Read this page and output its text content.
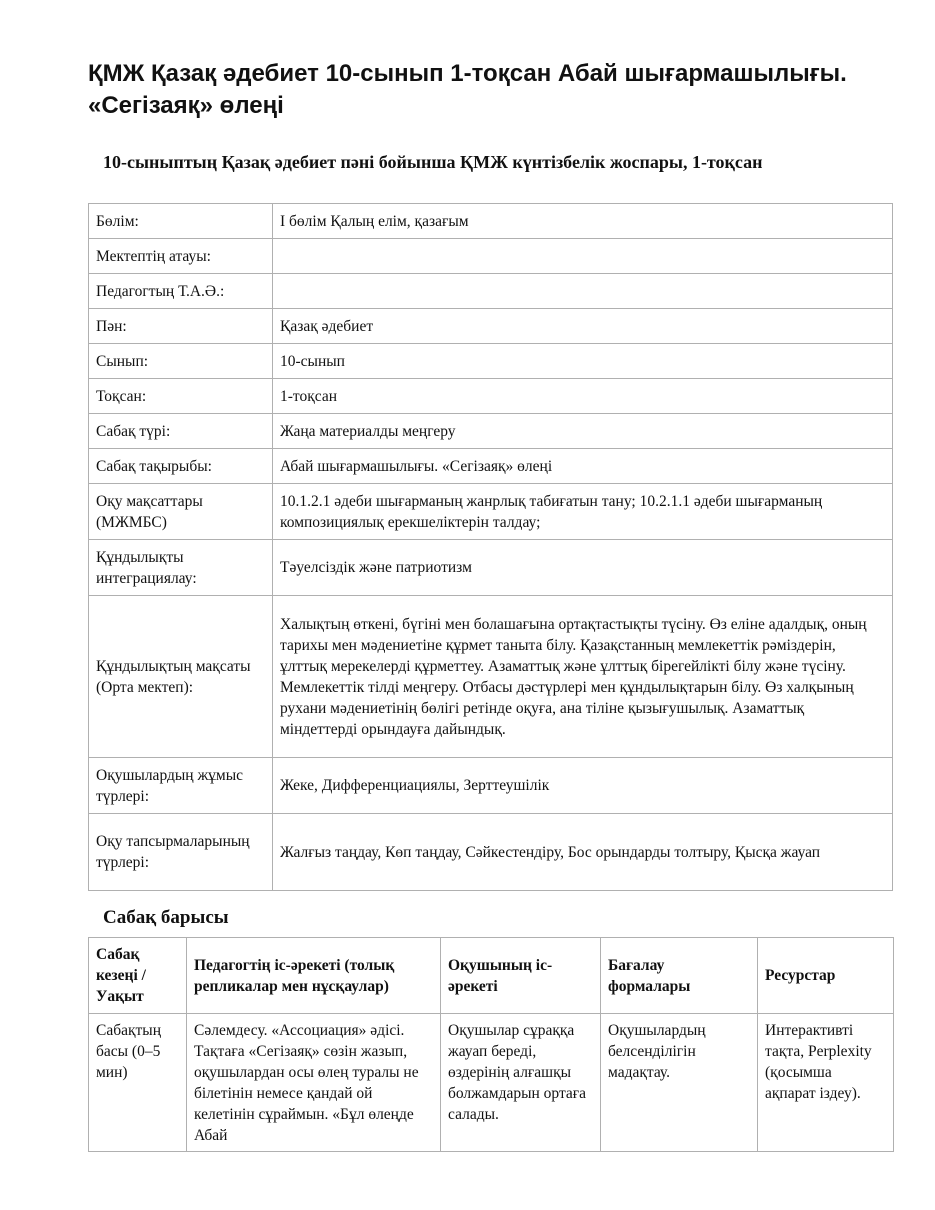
ҚМЖ Қазақ әдебиет 10-сынып 1-тоқсан Абай шығармашылығы. «Сегізаяқ» өлеңі
10-сыныптың Қазақ әдебиет пәні бойынша ҚМЖ күнтізбелік жоспары, 1-тоқсан
Бөлім:	I бөлім Қалың елім, қазағым
Мектептің атауы:	
Педагогтың Т.А.Ә.:	
Пән:	Қазақ әдебиет
Сынып:	10-сынып
Тоқсан:	1-тоқсан
Сабақ түрі:	Жаңа материалды меңгеру
Сабақ тақырыбы:	Абай шығармашылығы. «Сегізаяқ» өлеңі
Оқу мақсаттары (МЖМБС)	10.1.2.1 әдеби шығарманың жанрлық табиғатын тану; 10.2.1.1 әдеби шығарманың композициялық ерекшеліктерін талдау;
Құндылықты интеграциялау:	Тәуелсіздік және патриотизм
Құндылықтың мақсаты (Орта мектеп):	Халықтың өткені, бүгіні мен болашағына ортақтастықты түсіну. Өз еліне адалдық, оның тарихы мен мәдениетіне құрмет таныта білу. Қазақстанның мемлекеттік рәміздерін, ұлттық мерекелерді құрметтеу. Азаматтық және ұлттық бірегейлікті білу және түсіну. Мемлекеттік тілді меңгеру. Отбасы дәстүрлері мен құндылықтарын білу. Өз халқының рухани мәдениетінің бөлігі ретінде оқуға, ана тіліне қызығушылық. Азаматтық міндеттерді орындауға дайындық.
Оқушылардың жұмыс түрлері:	Жеке, Дифференциациялы, Зерттеушілік
Оқу тапсырмаларының түрлері:	Жалғыз таңдау, Көп таңдау, Сәйкестендіру, Бос орындарды толтыру, Қысқа жауап
Сабақ барысы
Сабақ кезеңі / Уақыт	Педагогтің іс-әрекеті (толық репликалар мен нұсқаулар)	Оқушының іс-әрекеті	Бағалау формалары	Ресурстар

Сабақтың басы (0–5 мин)	Сәлемдесу. «Ассоциация» әдісі. Тақтаға «Сегізаяқ» сөзін жазып, оқушылардан осы өлең туралы не білетінін немесе қандай ой келетінін сұраймын. «Бұл өлеңде Абай	Оқушылар сұраққа жауап береді, өздерінің алғашқы болжамдарын ортаға салады.	Оқушылардың белсенділігін мадақтау.	Интерактивті тақта, Perplexity (қосымша ақпарат іздеу).
